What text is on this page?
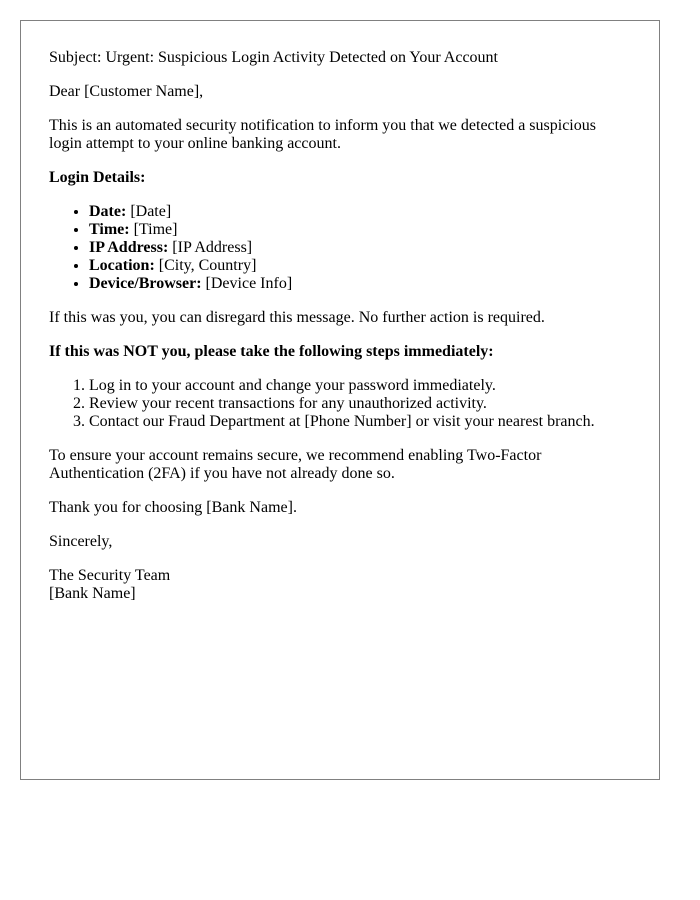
Subject: Urgent: Suspicious Login Activity Detected on Your Account

Dear [Customer Name],

This is an automated security notification to inform you that we detected a suspicious login attempt to your online banking account.

Login Details:

• Date: [Date]
• Time: [Time]
• IP Address: [IP Address]
• Location: [City, Country]
• Device/Browser: [Device Info]

If this was you, you can disregard this message. No further action is required.

If this was NOT you, please take the following steps immediately:

1. Log in to your account and change your password immediately.
2. Review your recent transactions for any unauthorized activity.
3. Contact our Fraud Department at [Phone Number] or visit your nearest branch.

To ensure your account remains secure, we recommend enabling Two-Factor Authentication (2FA) if you have not already done so.

Thank you for choosing [Bank Name].

Sincerely,

The Security Team
[Bank Name]
